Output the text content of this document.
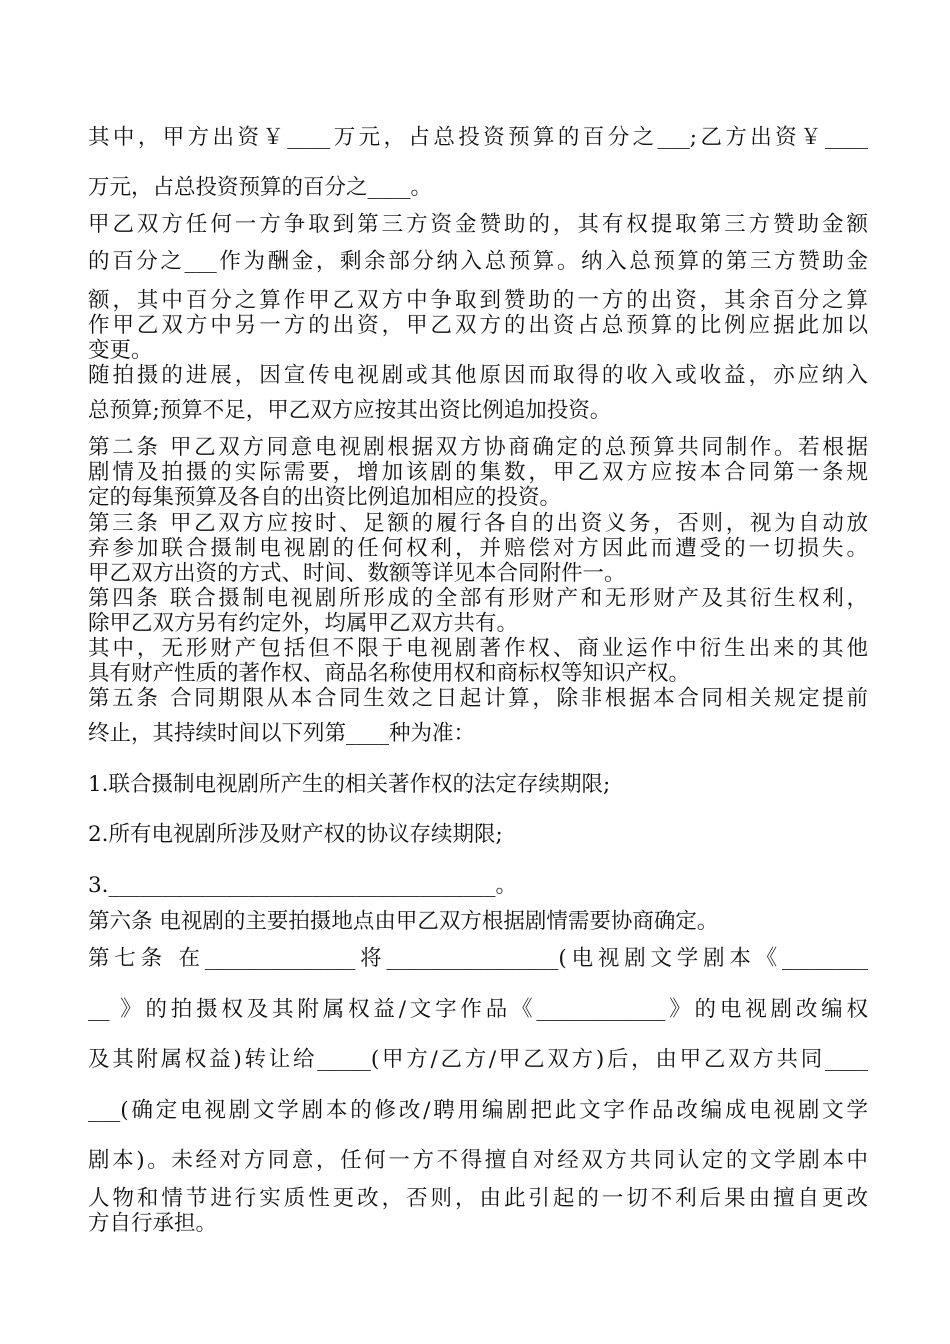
其中，甲方出资￥____万元，占总投资预算的百分之___;乙方出资￥____

万元，占总投资预算的百分之____。

甲乙双方任何一方争取到第三方资金赞助的，其有权提取第三方赞助金额

的百分之___作为酬金，剩余部分纳入总预算。纳入总预算的第三方赞助金

额，其中百分之算作甲乙双方中争取到赞助的一方的出资，其余百分之算

作甲乙双方中另一方的出资，甲乙双方的出资占总预算的比例应据此加以

变更。

随拍摄的进展，因宣传电视剧或其他原因而取得的收入或收益，亦应纳入

总预算;预算不足，甲乙双方应按其出资比例追加投资。

第二条 甲乙双方同意电视剧根据双方协商确定的总预算共同制作。若根据

剧情及拍摄的实际需要，增加该剧的集数，甲乙双方应按本合同第一条规

定的每集预算及各自的出资比例追加相应的投资。

第三条 甲乙双方应按时、足额的履行各自的出资义务，否则，视为自动放

弃参加联合摄制电视剧的任何权利，并赔偿对方因此而遭受的一切损失。

甲乙双方出资的方式、时间、数额等详见本合同附件一。

第四条 联合摄制电视剧所形成的全部有形财产和无形财产及其衍生权利，

除甲乙双方另有约定外，均属甲乙双方共有。

其中，无形财产包括但不限于电视剧著作权、商业运作中衍生出来的其他

具有财产性质的著作权、商品名称使用权和商标权等知识产权。

第五条 合同期限从本合同生效之日起计算，除非根据本合同相关规定提前

终止，其持续时间以下列第____种为准：

1.联合摄制电视剧所产生的相关著作权的法定存续期限;

2.所有电视剧所涉及财产权的协议存续期限;

3.____________________________________。

第六条 电视剧的主要拍摄地点由甲乙双方根据剧情需要协商确定。

第七条 在______________将________________(电视剧文学剧本《________

__ 》的拍摄权及其附属权益/文字作品《____________》的电视剧改编权

及其附属权益)转让给_____(甲方/乙方/甲乙双方)后，由甲乙双方共同____

___(确定电视剧文学剧本的修改/聘用编剧把此文字作品改编成电视剧文学

剧本)。未经对方同意，任何一方不得擅自对经双方共同认定的文学剧本中

人物和情节进行实质性更改，否则，由此引起的一切不利后果由擅自更改

方自行承担。
